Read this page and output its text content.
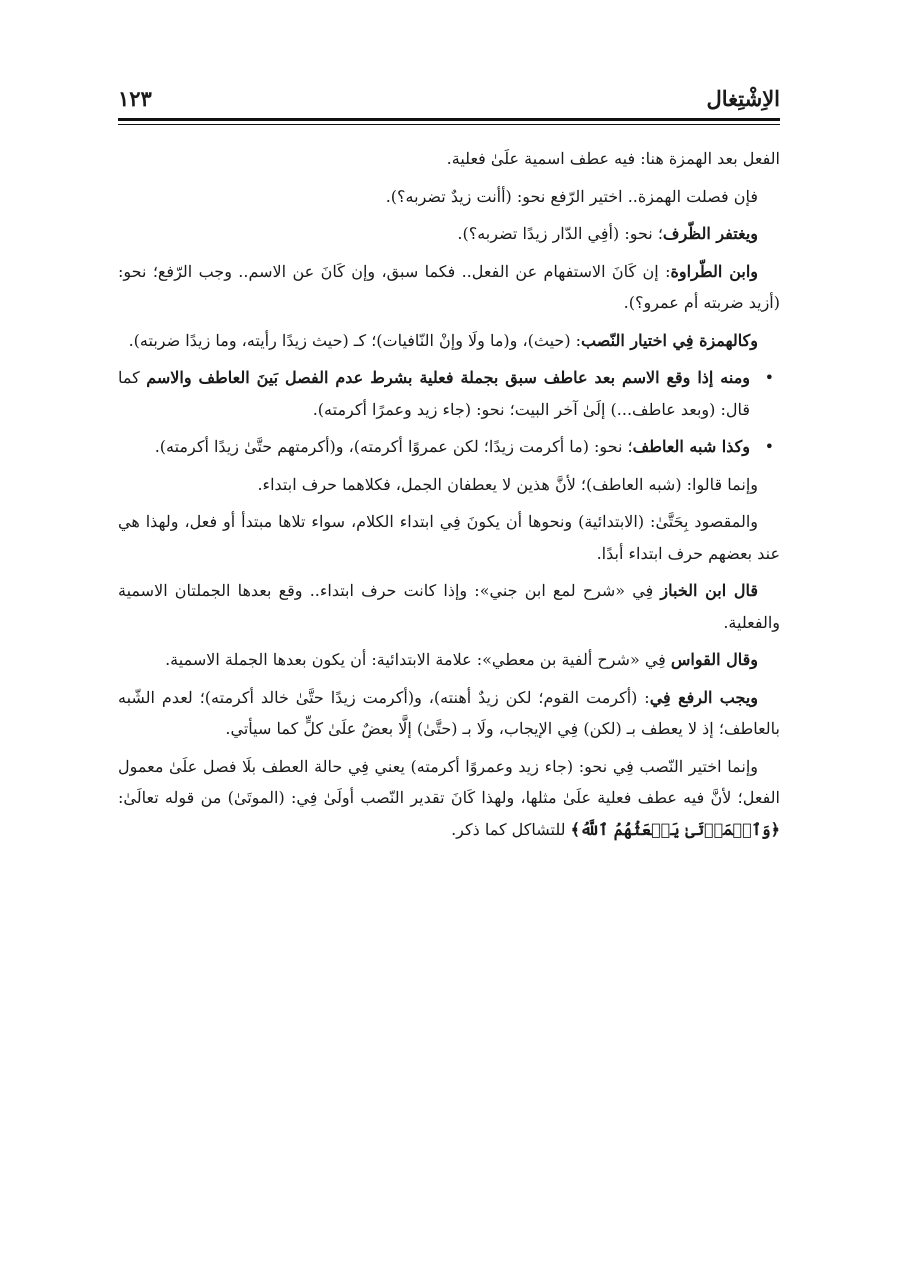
الاِشْتِغال
١٢٣

الفعل بعد الهمزة هنا: فيه عطف اسمية علَىٰ فعلية.

فإن فصلت الهمزة.. اختير الرّفع نحو: (أأنت زيدٌ تضربه؟).

ويغتفر الظّرف؛ نحو: (أفِي الدّار زيدًا تضربه؟).

وابن الطّراوة: إن كَانَ الاستفهام عن الفعل.. فكما سبق، وإن كَانَ عن الاسم.. وجب الرّفع؛ نحو: (أزيد ضربته أم عمرو؟).

وكالهمزة فِي اختيار النّصب: (حيث)، و(ما ولَا وإنْ النّافيات)؛ كـ (حيث زيدًا رأيته، وما زيدًا ضربته).

• ومنه إذا وقع الاسم بعد عاطف سبق بجملة فعلية بشرط عدم الفصل بَينَ العاطف والاسم كما قال: (وبعد عاطف...) إلَىٰ آخر البيت؛ نحو: (جاء زيد وعمرًا أكرمته).
• وكذا شبه العاطف؛ نحو: (ما أكرمت زيدًا؛ لكن عمروًا أكرمته)، و(أكرمتهم حتَّىٰ زيدًا أكرمته).

وإنما قالوا: (شبه العاطف)؛ لأنَّ هذين لا يعطفان الجمل، فكلاهما حرف ابتداء.

والمقصود بِحَتَّىٰ: (الابتدائية) ونحوها أن يكونَ فِي ابتداء الكلام، سواء تلاها مبتدأ أو فعل، ولهذا هي عند بعضهم حرف ابتداء أبدًا.

قال ابن الخباز فِي «شرح لمع ابن جني»: وإذا كانت حرف ابتداء.. وقع بعدها الجملتان الاسمية والفعلية.

وقال القواس فِي «شرح ألفية بن معطي»: علامة الابتدائية: أن يكون بعدها الجملة الاسمية.

ويجب الرفع فِي: (أكرمت القوم؛ لكن زيدٌ أهنته)، و(أكرمت زيدًا حتَّىٰ خالد أكرمته)؛ لعدم الشّبه بالعاطف؛ إذ لا يعطف بـ (لكن) فِي الإيجاب، ولَا بـ (حتَّىٰ) إلَّا بعضٌ علَىٰ كلٍّ كما سيأتي.

وإنما اختير النّصب فِي نحو: (جاء زيد وعمروًا أكرمته) يعني فِي حالة العطف بلَا فصل علَىٰ معمول الفعل؛ لأنَّ فيه عطف فعلية علَىٰ مثلها، ولهذا كَانَ تقدير النّصب أولَىٰ فِي: (الموتَىٰ) من قوله تعالَىٰ: ﴿وَٱلۡمَوۡتَىٰ يَبۡعَثُهُمُ ٱللَّهُ﴾ للتشاكل كما ذكر.
